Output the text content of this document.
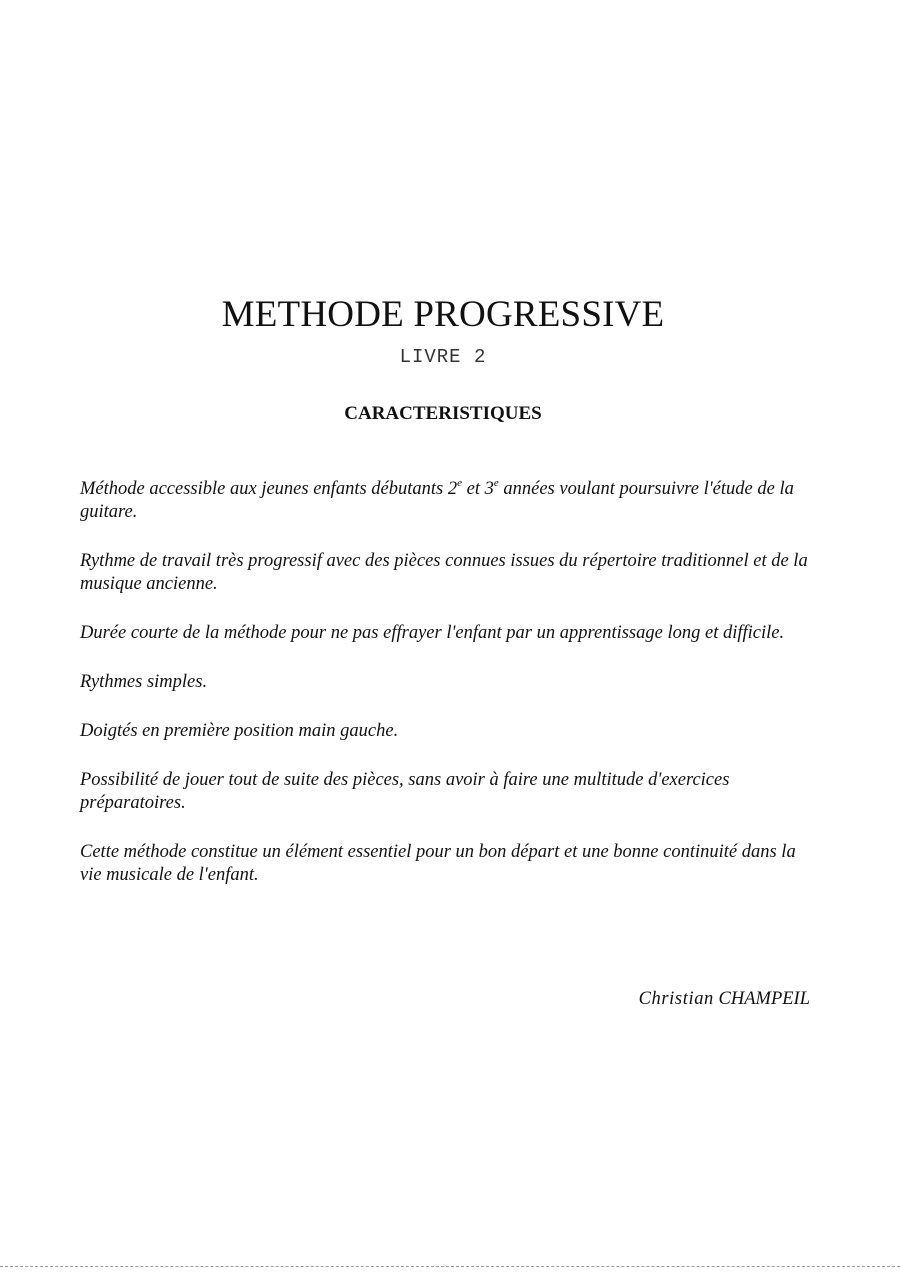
METHODE PROGRESSIVE

LIVRE 2

CARACTERISTIQUES

Méthode accessible aux jeunes enfants débutants 2e et 3e années voulant poursuivre l'étude de la guitare.

Rythme de travail très progressif avec des pièces connues issues du répertoire traditionnel et de la musique ancienne.

Durée courte de la méthode pour ne pas effrayer l'enfant par un apprentissage long et difficile.

Rythmes simples.

Doigtés en première position main gauche.

Possibilité de jouer tout de suite des pièces, sans avoir à faire une multitude d'exercices préparatoires.

Cette méthode constitue un élément essentiel pour un bon départ et une bonne continuité dans la vie musicale de l'enfant.

Christian CHAMPEIL
